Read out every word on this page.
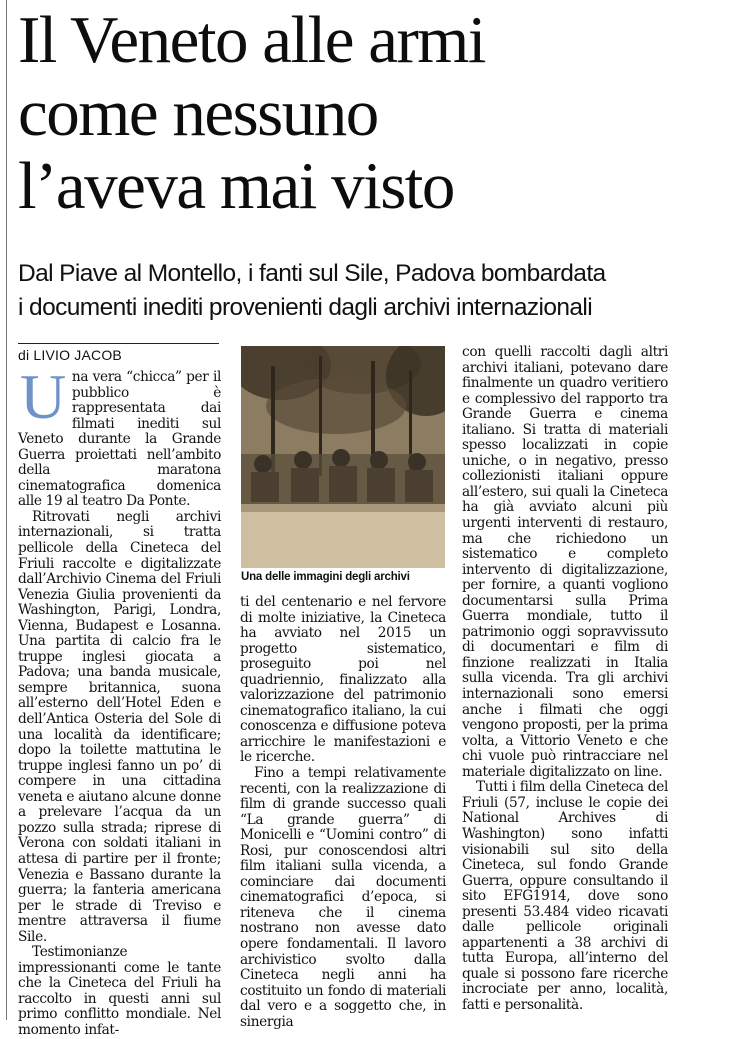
Il Veneto alle armi
come nessuno
l’aveva mai visto
Dal Piave al Montello, i fanti sul Sile, Padova bombardata
i documenti inediti provenienti dagli archivi internazionali
di LIVIO JACOB
U na vera “chicca” per il pubblico è rappresentata dai filmati inediti sul Veneto durante la Grande Guerra proiettati nell’ambito della maratona cinematografica domenica alle 19 al teatro Da Ponte.

Ritrovati negli archivi internazionali, si tratta pellicole della Cineteca del Friuli raccolte e digitalizzate dall’Archivio Cinema del Friuli Venezia Giulia provenienti da Washington, Parigi, Londra, Vienna, Budapest e Losanna. Una partita di calcio fra le truppe inglesi giocata a Padova; una banda musicale, sempre britannica, suona all’esterno dell’Hotel Eden e dell’Antica Osteria del Sole di una località da identificare; dopo la toilette mattutina le truppe inglesi fanno un po’ di compere in una cittadina veneta e aiutano alcune donne a prelevare l’acqua da un pozzo sulla strada; riprese di Verona con soldati italiani in attesa di partire per il fronte; Venezia e Bassano durante la guerra; la fanteria americana per le strade di Treviso e mentre attraversa il fiume Sile.

Testimonianze impressionanti come le tante che la Cineteca del Friuli ha raccolto in questi anni sul primo conflitto mondiale. Nel momento infat-

Una delle immagini degli archivi

ti del centenario e nel fervore di molte iniziative, la Cineteca ha avviato nel 2015 un progetto sistematico, proseguito poi nel quadriennio, finalizzato alla valorizzazione del patrimonio cinematografico italiano, la cui conoscenza e diffusione poteva arricchire le manifestazioni e le ricerche.

Fino a tempi relativamente recenti, con la realizzazione di film di grande successo quali “La grande guerra” di Monicelli e “Uomini contro” di Rosi, pur conoscendosi altri film italiani sulla vicenda, a cominciare dai documenti cinematografici d’epoca, si riteneva che il cinema nostrano non avesse dato opere fondamentali. Il lavoro archivistico svolto dalla Cineteca negli anni ha costituito un fondo di materiali dal vero e a soggetto che, in sinergia

con quelli raccolti dagli altri archivi italiani, potevano dare finalmente un quadro veritiero e complessivo del rapporto tra Grande Guerra e cinema italiano. Si tratta di materiali spesso localizzati in copie uniche, o in negativo, presso collezionisti italiani oppure all’estero, sui quali la Cineteca ha già avviato alcuni più urgenti interventi di restauro, ma che richiedono un sistematico e completo intervento di digitalizzazione, per fornire, a quanti vogliono documentarsi sulla Prima Guerra mondiale, tutto il patrimonio oggi sopravvissuto di documentari e film di finzione realizzati in Italia sulla vicenda. Tra gli archivi internazionali sono emersi anche i filmati che oggi vengono proposti, per la prima volta, a Vittorio Veneto e che chi vuole può rintracciare nel materiale digitalizzato on line.

Tutti i film della Cineteca del Friuli (57, incluse le copie dei National Archives di Washington) sono infatti visionabili sul sito della Cineteca, sul fondo Grande Guerra, oppure consultando il sito EFG1914, dove sono presenti 53.484 video ricavati dalle pellicole originali appartenenti a 38 archivi di tutta Europa, all’interno del quale si possono fare ricerche incrociate per anno, località, fatti e personalità.
